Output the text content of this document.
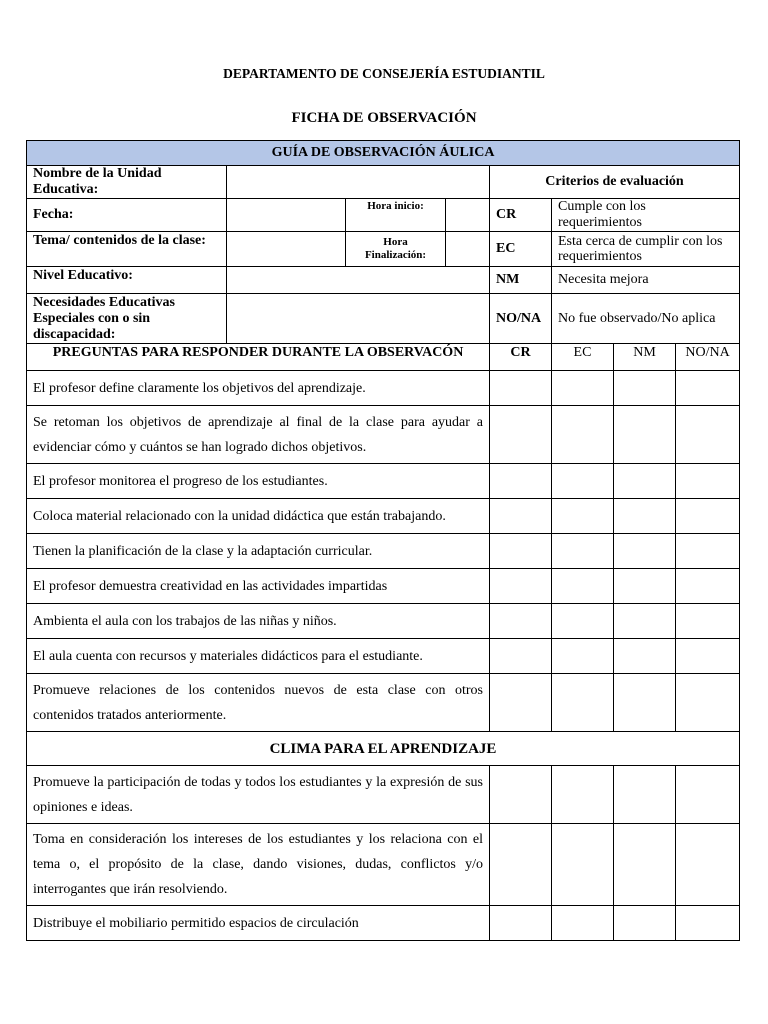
DEPARTAMENTO DE CONSEJERÍA ESTUDIANTIL
FICHA DE OBSERVACIÓN
GUÍA DE OBSERVACIÓN ÁULICA							
Nombre de la Unidad Educativa:				Criterios de evaluación			
Fecha:		Hora inicio:		CR	Cumple con los requerimientos		
Tema/ contenidos de la clase:		Hora Finalización:		EC	Esta cerca de cumplir con los requerimientos		
Nivel Educativo:				NM	Necesita mejora		
Necesidades Educativas Especiales con o sin discapacidad:				NO/NA	No fue observado/No aplica		
PREGUNTAS PARA RESPONDER DURANTE LA OBSERVACÓN				CR	EC	NM	NO/NA
El profesor define claramente los objetivos del aprendizaje.							
Se retoman los objetivos de aprendizaje al final de la clase para ayudar a evidenciar cómo y cuántos se han logrado dichos objetivos.							
El profesor monitorea el progreso de los estudiantes.							
Coloca material relacionado con la unidad didáctica que están trabajando.							
Tienen la planificación de la clase y la adaptación curricular.							
El profesor demuestra creatividad en las actividades impartidas							
Ambienta el aula con los trabajos de las niñas y niños.							
El aula cuenta con recursos y materiales didácticos para el estudiante.							
Promueve relaciones de los contenidos nuevos de esta clase con otros contenidos tratados anteriormente.							
CLIMA PARA EL APRENDIZAJE							
Promueve la participación de todas y todos los estudiantes y la expresión de sus opiniones e ideas.							
Toma en consideración los intereses de los estudiantes y los relaciona con el tema o, el propósito de la clase, dando visiones, dudas, conflictos y/o interrogantes que irán resolviendo.							
Distribuye el mobiliario permitido espacios de circulación							
